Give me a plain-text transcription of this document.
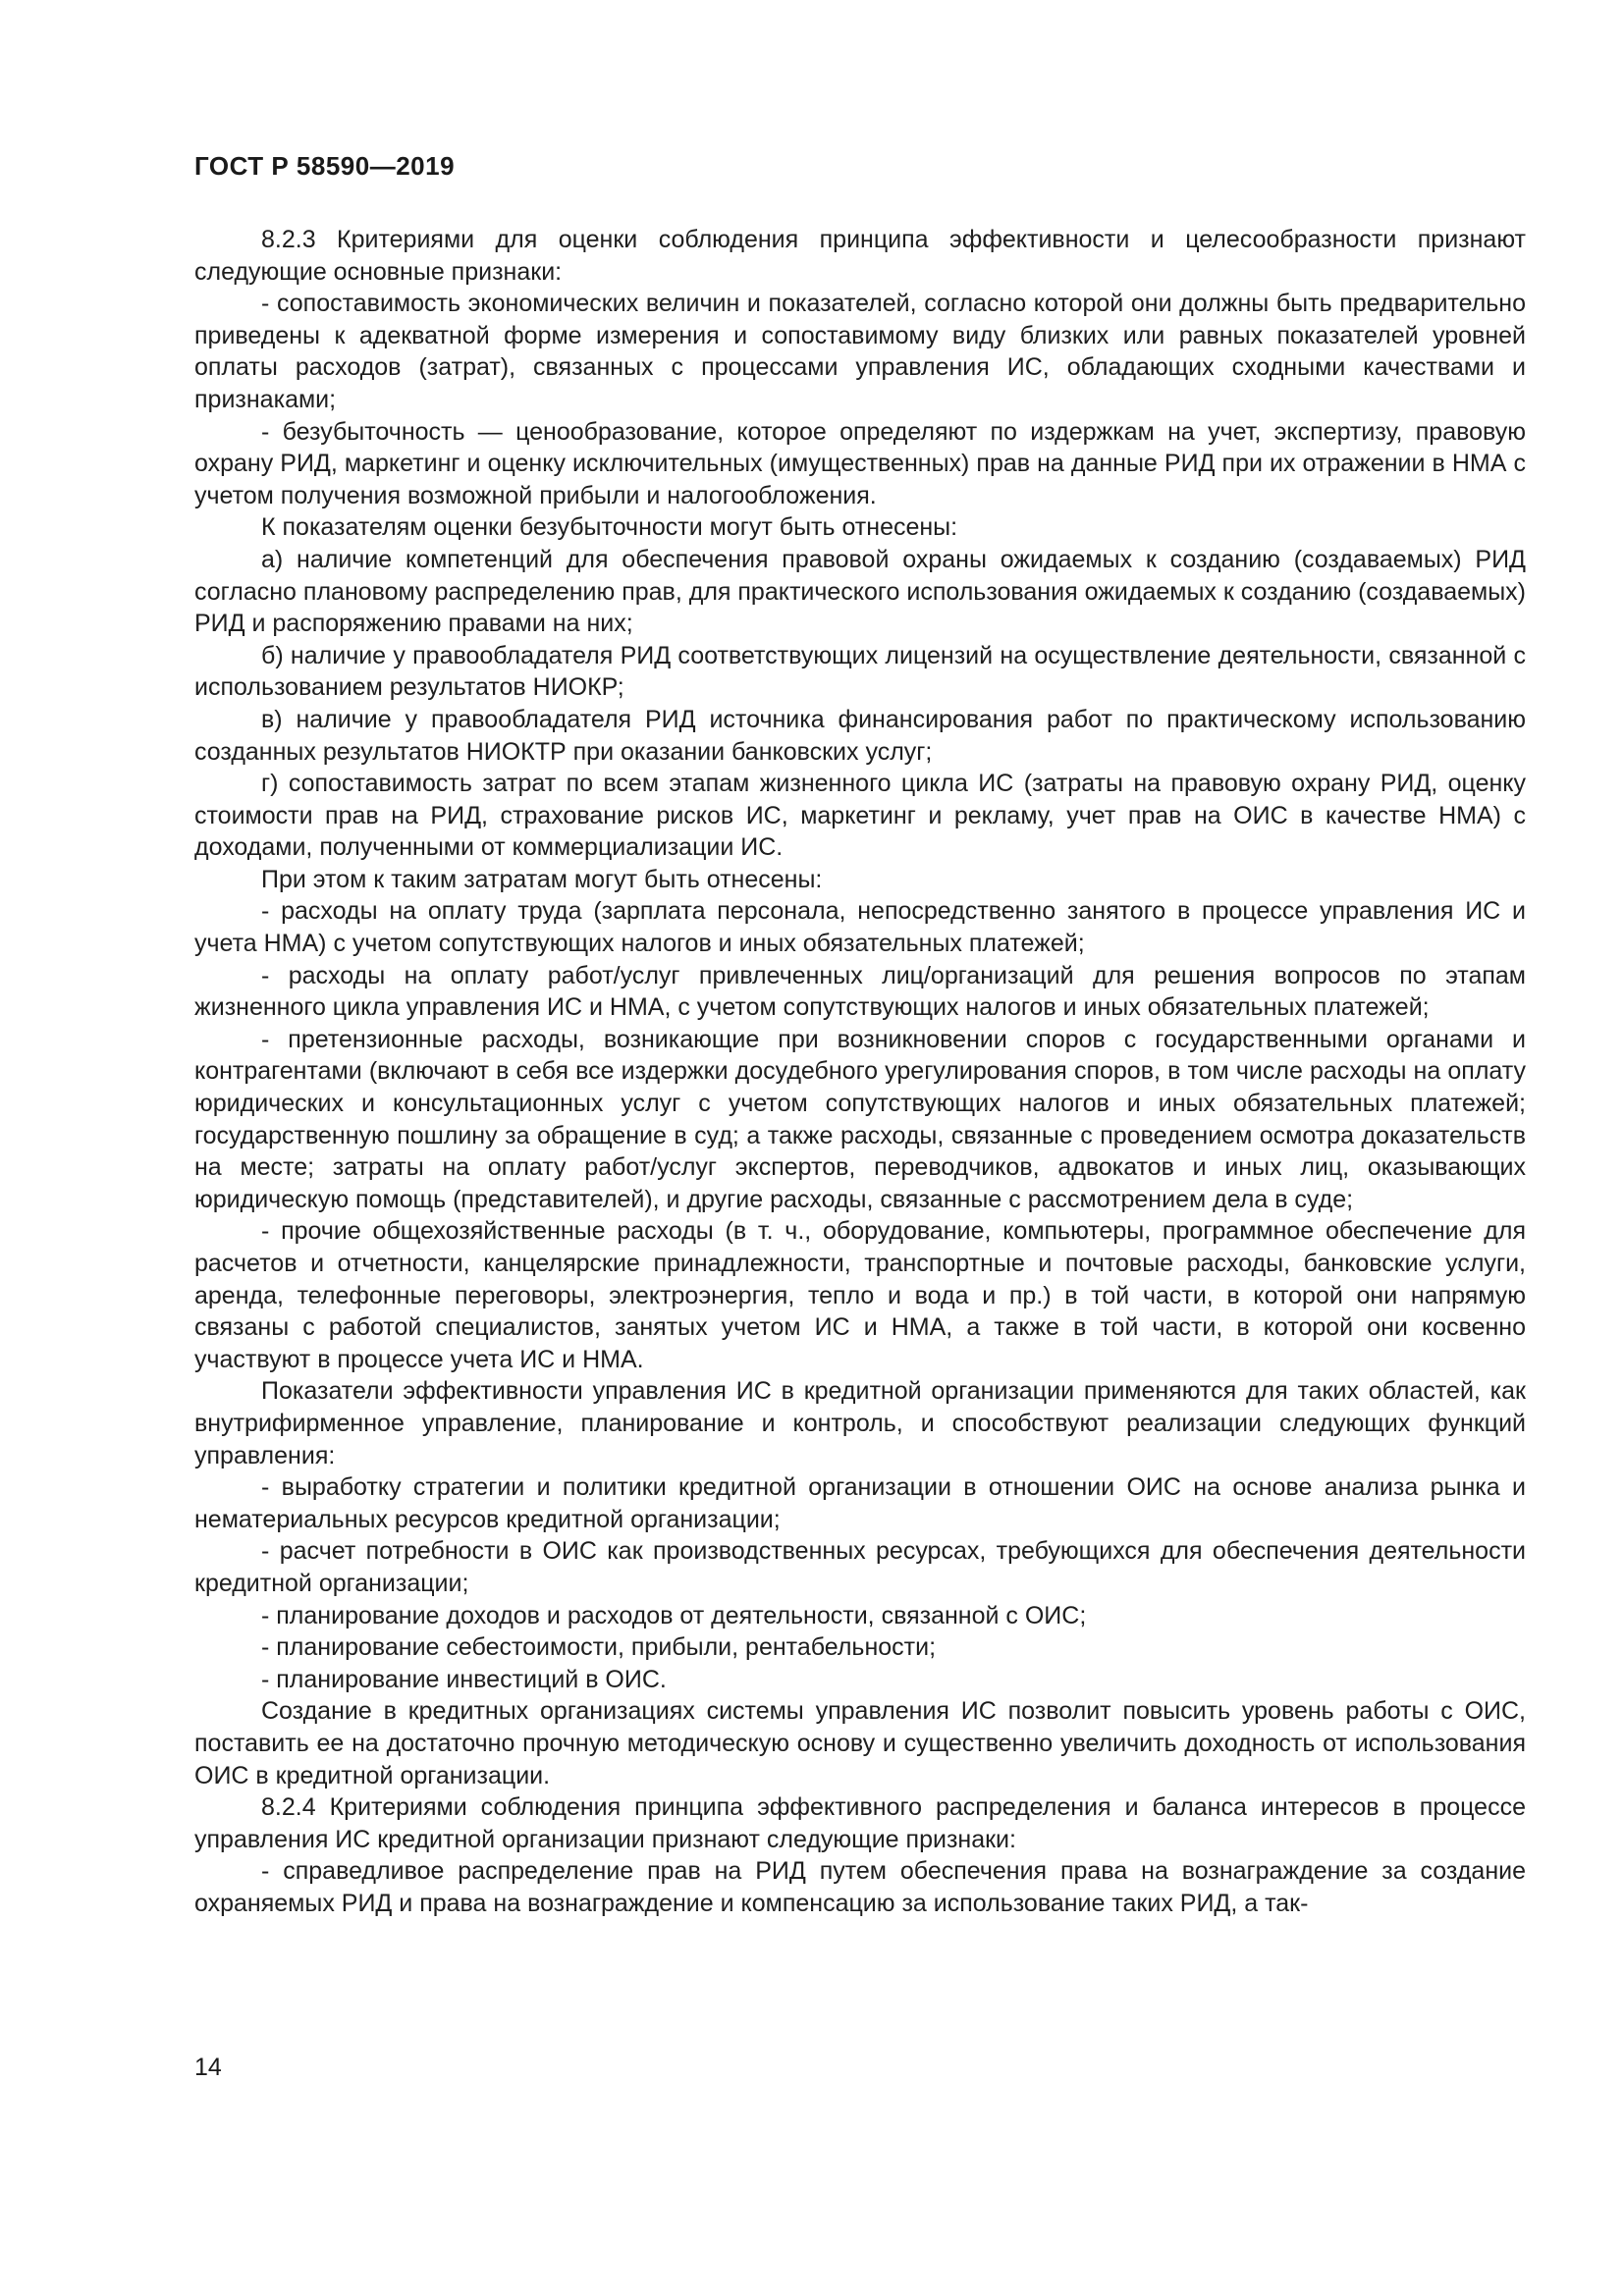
ГОСТ Р 58590—2019

8.2.3 Критериями для оценки соблюдения принципа эффективности и целесообразности признают следующие основные признаки:

- сопоставимость экономических величин и показателей, согласно которой они должны быть предварительно приведены к адекватной форме измерения и сопоставимому виду близких или равных показателей уровней оплаты расходов (затрат), связанных с процессами управления ИС, обладающих сходными качествами и признаками;

- безубыточность — ценообразование, которое определяют по издержкам на учет, экспертизу, правовую охрану РИД, маркетинг и оценку исключительных (имущественных) прав на данные РИД при их отражении в НМА с учетом получения возможной прибыли и налогообложения.

К показателям оценки безубыточности могут быть отнесены:

а) наличие компетенций для обеспечения правовой охраны ожидаемых к созданию (создаваемых) РИД согласно плановому распределению прав, для практического использования ожидаемых к созданию (создаваемых) РИД и распоряжению правами на них;

б) наличие у правообладателя РИД соответствующих лицензий на осуществление деятельности, связанной с использованием результатов НИОКР;

в) наличие у правообладателя РИД источника финансирования работ по практическому использованию созданных результатов НИОКТР при оказании банковских услуг;

г) сопоставимость затрат по всем этапам жизненного цикла ИС (затраты на правовую охрану РИД, оценку стоимости прав на РИД, страхование рисков ИС, маркетинг и рекламу, учет прав на ОИС в качестве НМА) с доходами, полученными от коммерциализации ИС.

При этом к таким затратам могут быть отнесены:

- расходы на оплату труда (зарплата персонала, непосредственно занятого в процессе управления ИС и учета НМА) с учетом сопутствующих налогов и иных обязательных платежей;

- расходы на оплату работ/услуг привлеченных лиц/организаций для решения вопросов по этапам жизненного цикла управления ИС и НМА, с учетом сопутствующих налогов и иных обязательных платежей;

- претензионные расходы, возникающие при возникновении споров с государственными органами и контрагентами (включают в себя все издержки досудебного урегулирования споров, в том числе расходы на оплату юридических и консультационных услуг с учетом сопутствующих налогов и иных обязательных платежей; государственную пошлину за обращение в суд; а также расходы, связанные с проведением осмотра доказательств на месте; затраты на оплату работ/услуг экспертов, переводчиков, адвокатов и иных лиц, оказывающих юридическую помощь (представителей), и другие расходы, связанные с рассмотрением дела в суде;

- прочие общехозяйственные расходы (в т. ч., оборудование, компьютеры, программное обеспечение для расчетов и отчетности, канцелярские принадлежности, транспортные и почтовые расходы, банковские услуги, аренда, телефонные переговоры, электроэнергия, тепло и вода и пр.) в той части, в которой они напрямую связаны с работой специалистов, занятых учетом ИС и НМА, а также в той части, в которой они косвенно участвуют в процессе учета ИС и НМА.

Показатели эффективности управления ИС в кредитной организации применяются для таких областей, как внутрифирменное управление, планирование и контроль, и способствуют реализации следующих функций управления:

- выработку стратегии и политики кредитной организации в отношении ОИС на основе анализа рынка и нематериальных ресурсов кредитной организации;

- расчет потребности в ОИС как производственных ресурсах, требующихся для обеспечения деятельности кредитной организации;

- планирование доходов и расходов от деятельности, связанной с ОИС;

- планирование себестоимости, прибыли, рентабельности;

- планирование инвестиций в ОИС.

Создание в кредитных организациях системы управления ИС позволит повысить уровень работы с ОИС, поставить ее на достаточно прочную методическую основу и существенно увеличить доходность от использования ОИС в кредитной организации.

8.2.4 Критериями соблюдения принципа эффективного распределения и баланса интересов в процессе управления ИС кредитной организации признают следующие признаки:

- справедливое распределение прав на РИД путем обеспечения права на вознаграждение за создание охраняемых РИД и права на вознаграждение и компенсацию за использование таких РИД, а так-

14
